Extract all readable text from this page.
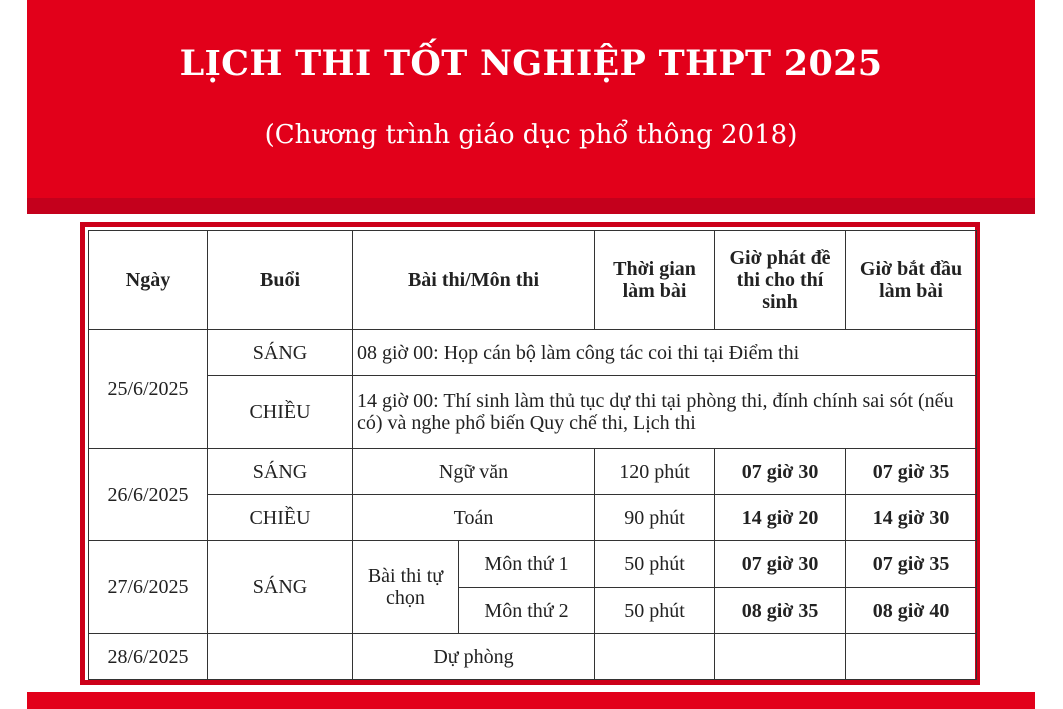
LỊCH THI TỐT NGHIỆP THPT 2025
(Chương trình giáo dục phổ thông 2018)
Ngày	Buổi	Bài thi/Môn thi		Thời gian làm bài	Giờ phát đề thi cho thí sinh	Giờ bắt đầu làm bài
25/6/2025	SÁNG	08 giờ 00: Họp cán bộ làm công tác coi thi tại Điểm thi				
	CHIỀU	14 giờ 00: Thí sinh làm thủ tục dự thi tại phòng thi, đính chính sai sót (nếu có) và nghe phổ biến Quy chế thi, Lịch thi				
26/6/2025	SÁNG	Ngữ văn		120 phút	07 giờ 30	07 giờ 35
	CHIỀU	Toán		90 phút	14 giờ 20	14 giờ 30
27/6/2025	SÁNG	Bài thi tự chọn	Môn thứ 1	50 phút	07 giờ 30	07 giờ 35
			Môn thứ 2	50 phút	08 giờ 35	08 giờ 40
28/6/2025		Dự phòng				
